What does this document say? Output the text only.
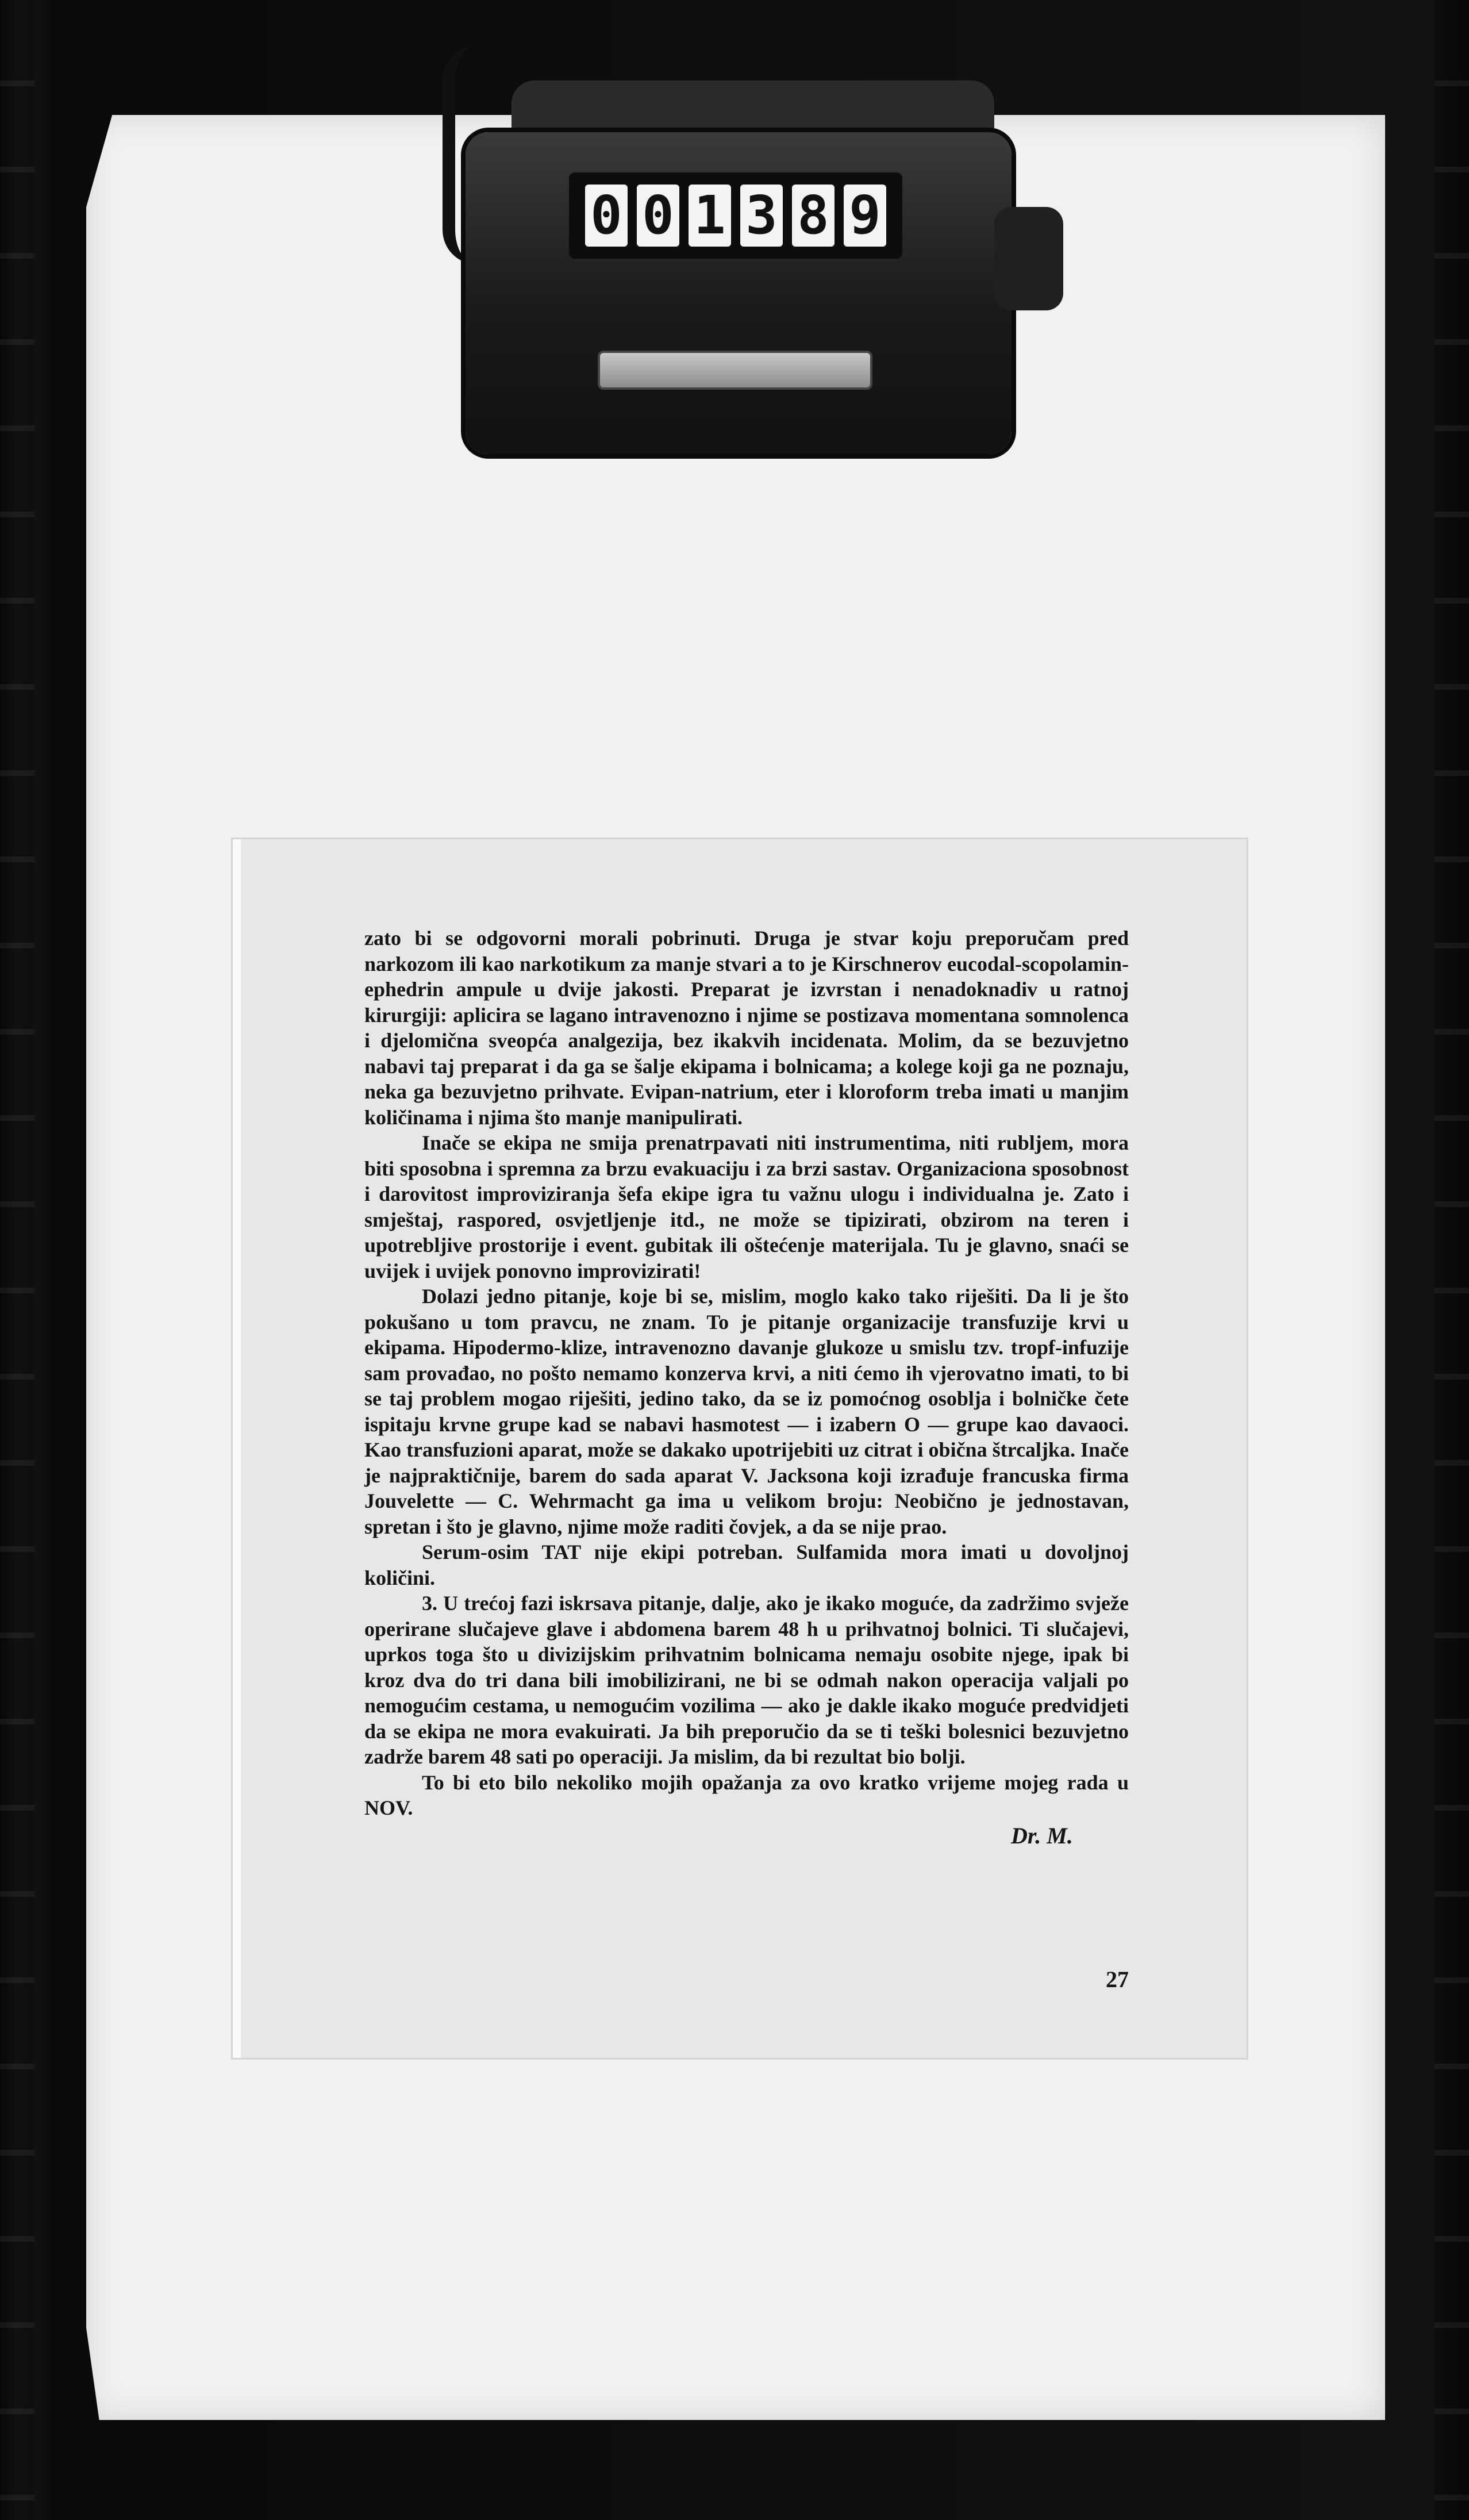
0 0 1 3 8 9

zato bi se odgovorni morali pobrinuti. Druga je stvar koju preporučam pred narkozom ili kao narkotikum za manje stvari a to je Kirschnerov eucodal-scopolamin-ephedrin ampule u dvije jakosti. Preparat je izvrstan i nenadoknadiv u ratnoj kirurgiji: aplicira se lagano intravenozno i njime se postizava momentana somnolenca i djelomična sveopća analgezija, bez ikakvih incidenata. Molim, da se bezuvjetno nabavi taj preparat i da ga se šalje ekipama i bolnicama; a kolege koji ga ne poznaju, neka ga bezuvjetno prihvate. Evipan-natrium, eter i kloroform treba imati u manjim količinama i njima što manje manipulirati.

Inače se ekipa ne smija prenatrpavati niti instrumentima, niti rubljem, mora biti sposobna i spremna za brzu evakuaciju i za brzi sastav. Organizaciona sposobnost i darovitost improviziranja šefa ekipe igra tu važnu ulogu i individualna je. Zato i smještaj, raspored, osvjetljenje itd., ne može se tipizirati, obzirom na teren i upotrebljive prostorije i event. gubitak ili oštećenje materijala. Tu je glavno, snaći se uvijek i uvijek ponovno improvizirati!

Dolazi jedno pitanje, koje bi se, mislim, moglo kako tako riješiti. Da li je što pokušano u tom pravcu, ne znam. To je pitanje organizacije transfuzije krvi u ekipama. Hipodermo-klize, intravenozno davanje glukoze u smislu tzv. tropf-infuzije sam provađao, no pošto nemamo konzerva krvi, a niti ćemo ih vjerovatno imati, to bi se taj problem mogao riješiti, jedino tako, da se iz pomoćnog osoblja i bolničke čete ispitaju krvne grupe kad se nabavi hasmotest — i izabern O — grupe kao davaoci. Kao transfuzioni aparat, može se dakako upotrijebiti uz citrat i obična štrcaljka. Inače je najpraktičnije, barem do sada aparat V. Jacksona koji izrađuje francuska firma Jouvelette — C. Wehrmacht ga ima u velikom broju: Neobično je jednostavan, spretan i što je glavno, njime može raditi čovjek, a da se nije prao.

Serum-osim TAT nije ekipi potreban. Sulfamida mora imati u dovoljnoj količini.

3. U trećoj fazi iskrsava pitanje, dalje, ako je ikako moguće, da zadržimo svježe operirane slučajeve glave i abdomena barem 48 h u prihvatnoj bolnici. Ti slučajevi, uprkos toga što u divizijskim prihvatnim bolnicama nemaju osobite njege, ipak bi kroz dva do tri dana bili imobilizirani, ne bi se odmah nakon operacija valjali po nemogućim cestama, u nemogućim vozilima — ako je dakle ikako moguće predvidjeti da se ekipa ne mora evakuirati. Ja bih preporučio da se ti teški bolesnici bezuvjetno zadrže barem 48 sati po operaciji. Ja mislim, da bi rezultat bio bolji.

To bi eto bilo nekoliko mojih opažanja za ovo kratko vrijeme mojeg rada u NOV.

Dr. M.
27
